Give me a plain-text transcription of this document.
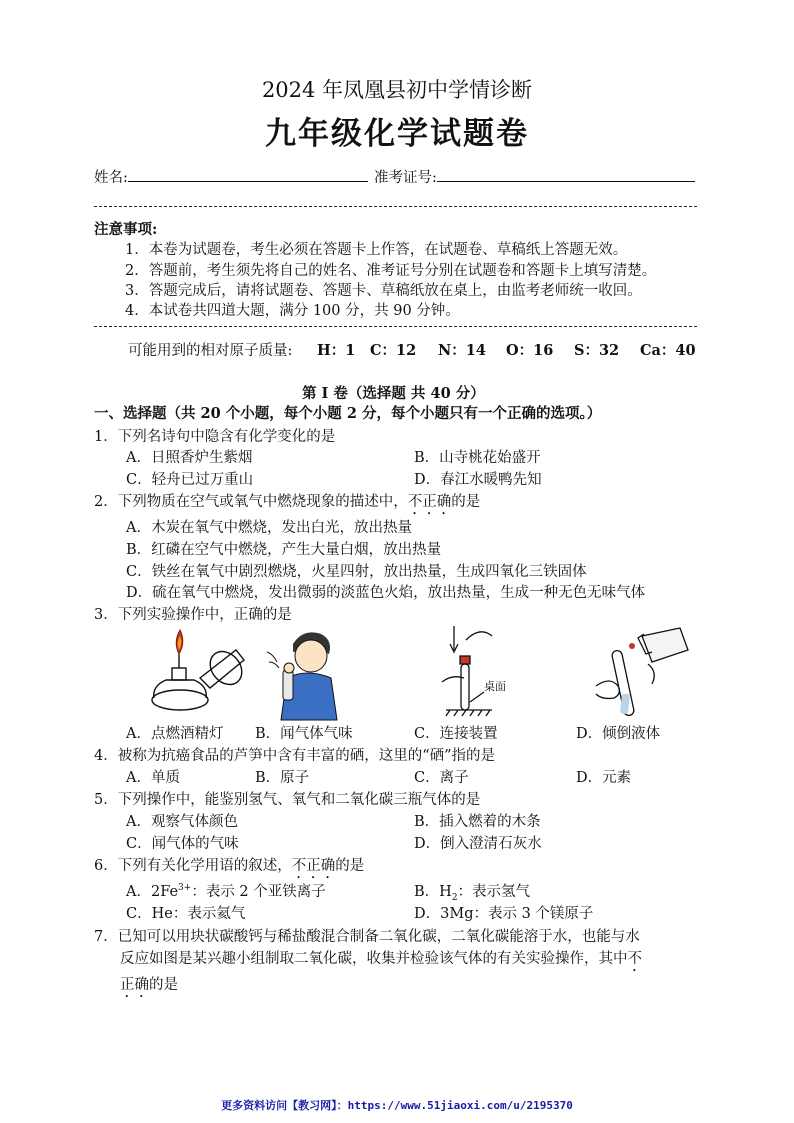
2024 年凤凰县初中学情诊断
九年级化学试题卷
姓名:	准考证号:
注意事项:
1．本卷为试题卷，考生必须在答题卡上作答，在试题卷、草稿纸上答题无效。
2．答题前，考生须先将自己的姓名、准考证号分别在试题卷和答题卡上填写清楚。
3．答题完成后，请将试题卷、答题卡、草稿纸放在桌上，由监考老师统一收回。
4．本试卷共四道大题，满分 100 分，共 90 分钟。
可能用到的相对原子质量: H：1 C：12 N：14 O：16 S：32 Ca：40
第 Ⅰ 卷（选择题 共 40 分）
一、选择题（共 20 个小题，每个小题 2 分，每个小题只有一个正确的选项。）
1．下列名诗句中隐含有化学变化的是
A．日照香炉生紫烟	B．山寺桃花始盛开
C．轻舟已过万重山	D．春江水暖鸭先知
2．下列物质在空气或氧气中燃烧现象的描述中，不正确的是
A．木炭在氧气中燃烧，发出白光，放出热量
B．红磷在空气中燃烧，产生大量白烟，放出热量
C．铁丝在氧气中剧烈燃烧，火星四射，放出热量，生成四氧化三铁固体
D．硫在氧气中燃烧，发出微弱的淡蓝色火焰，放出热量，生成一种无色无味气体
3．下列实验操作中，正确的是
桌面
A．点燃酒精灯 B．闻气体气味	C．连接装置	D．倾倒液体
4．被称为抗癌食品的芦笋中含有丰富的硒，这里的“硒”指的是
A．单质	B．原子	C．离子	D．元素
5．下列操作中，能鉴别氢气、氧气和二氧化碳三瓶气体的是
A．观察气体颜色	B．插入燃着的木条
C．闻气体的气味	D．倒入澄清石灰水
6．下列有关化学用语的叙述，不正确的是
A．$2Fe^{3+}$：表示 2 个亚铁离子	B．$H_2$：表示氢气
C．He：表示氦气	D．3Mg：表示 3 个镁原子
7．已知可以用块状碳酸钙与稀盐酸混合制备二氧化碳，二氧化碳能溶于水，也能与水
反应如图是某兴趣小组制取二氧化碳，收集并检验该气体的有关实验操作，其中不
正确的是
更多资料访问【教习网】：https://www.51jiaoxi.com/u/2195370
